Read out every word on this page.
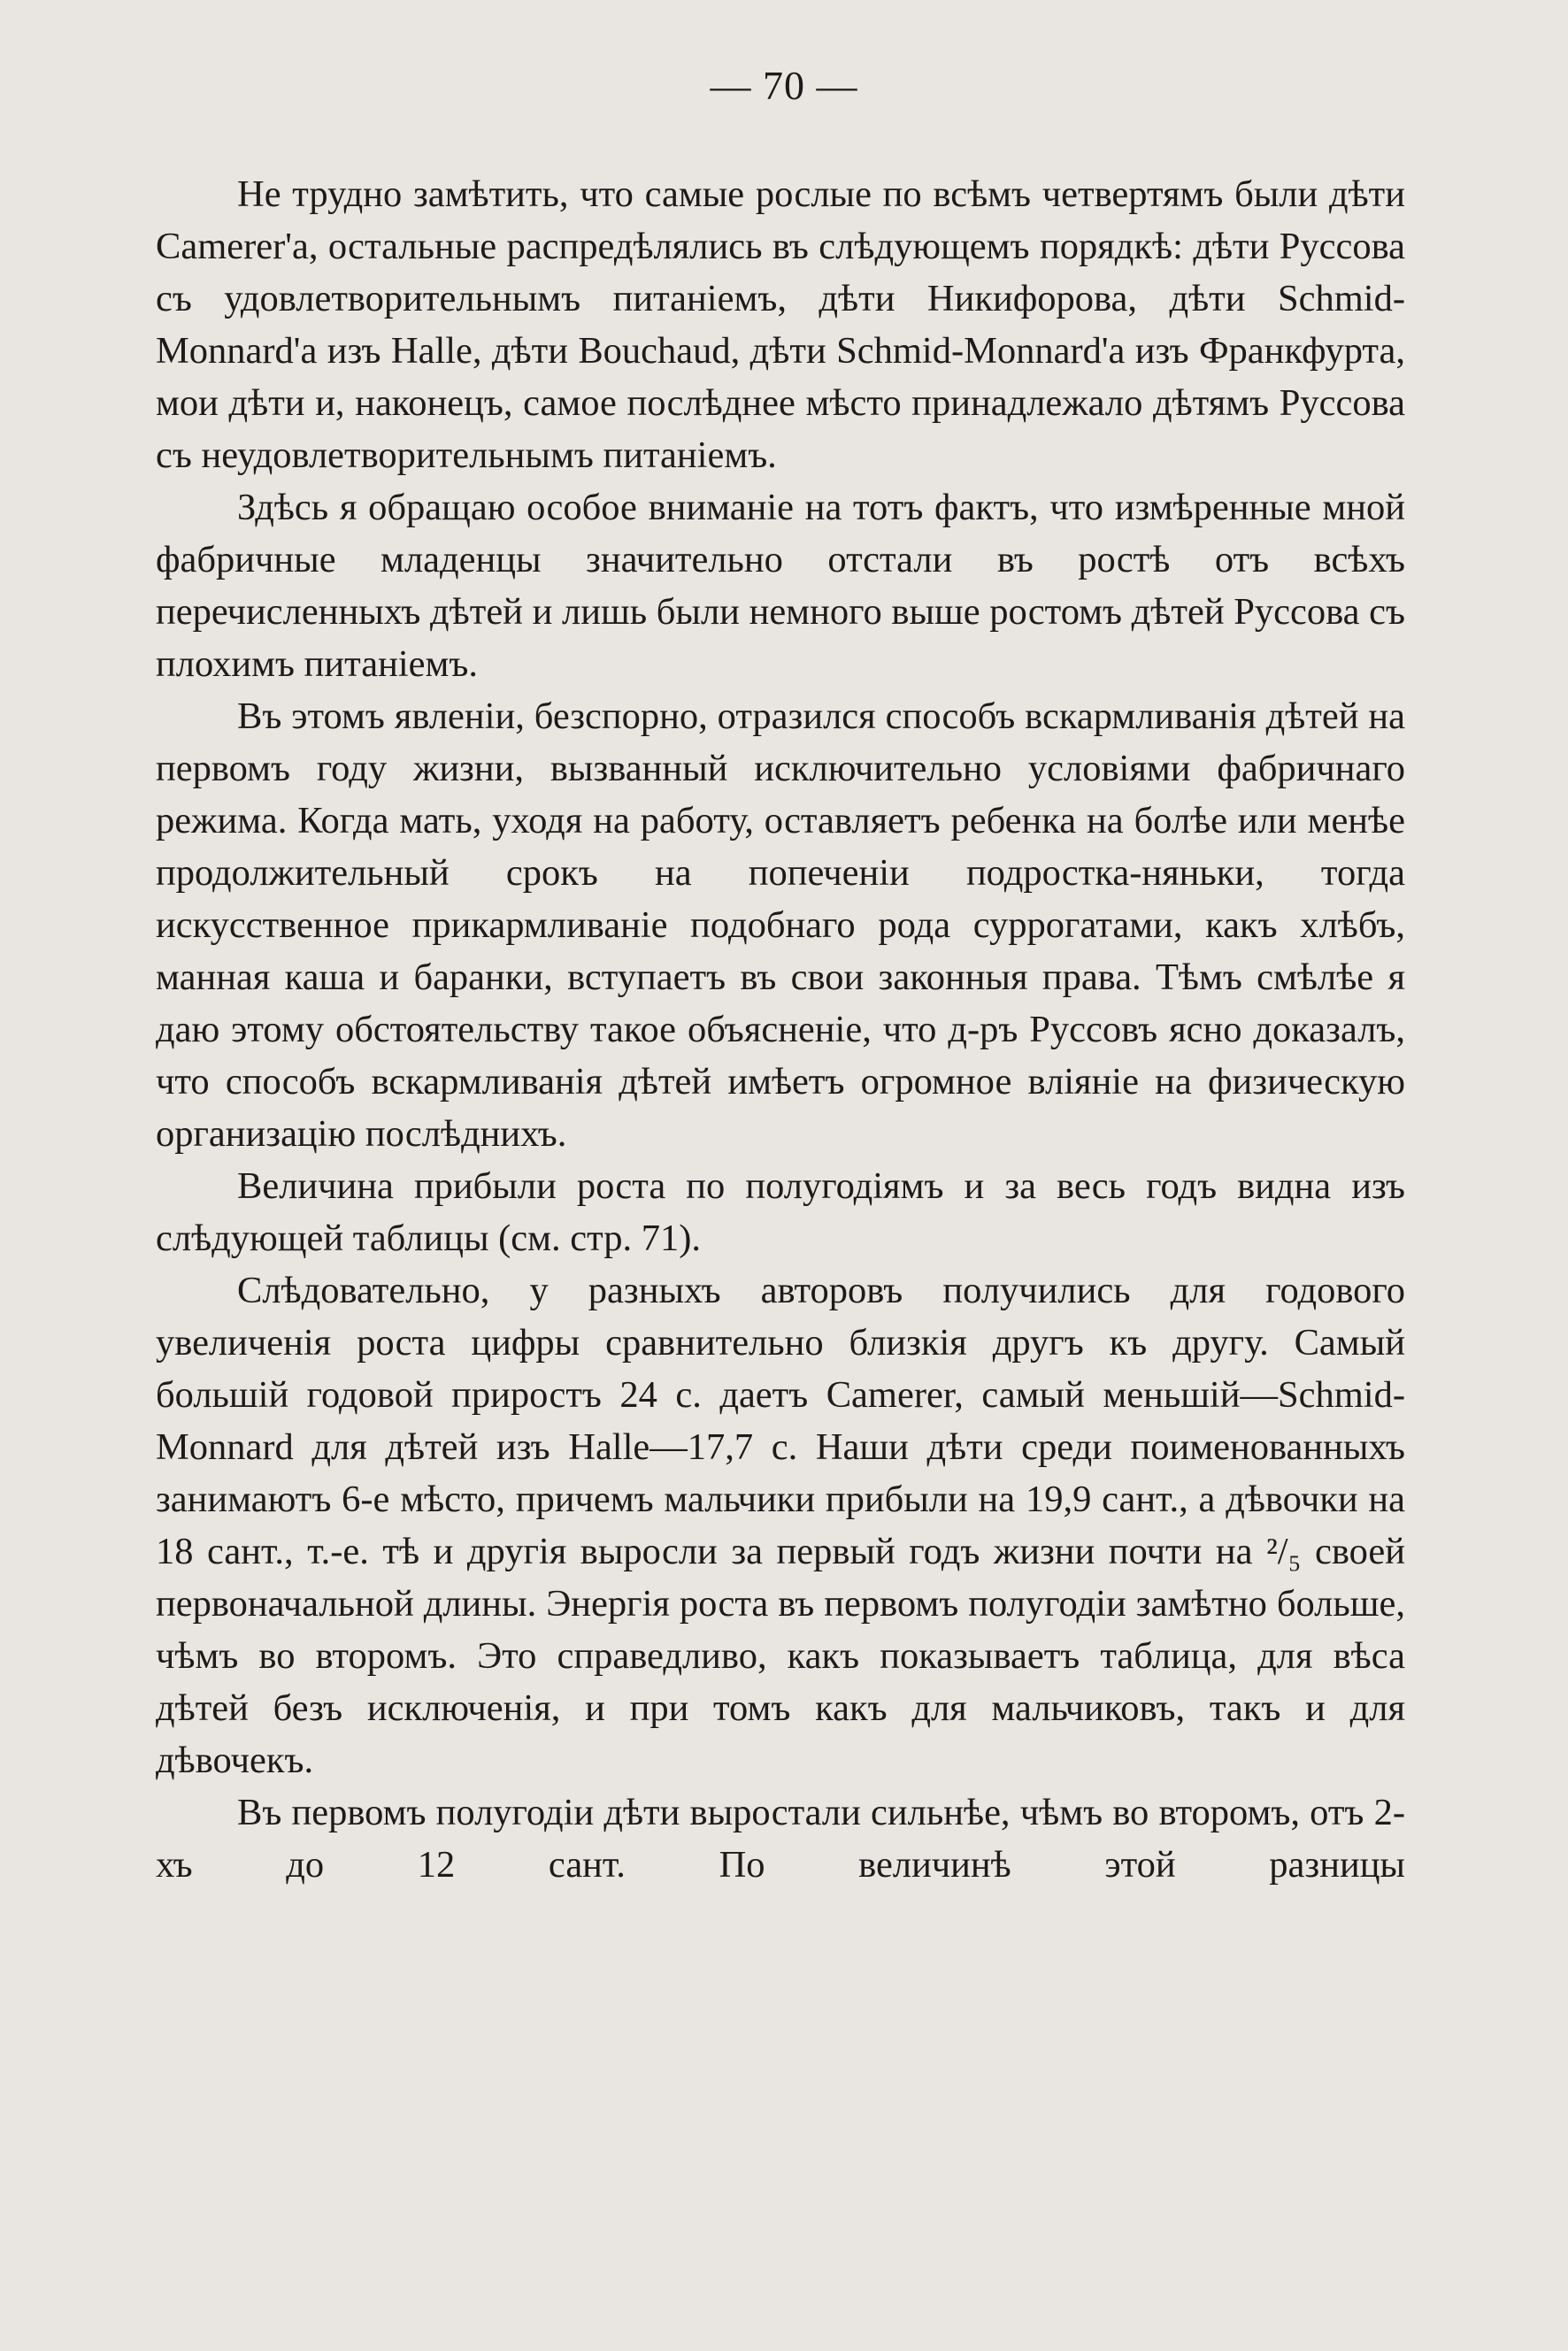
— 70 —

Не трудно замѣтить, что самые рослые по всѣмъ четвертямъ были дѣти Camerer'а, остальные распредѣлялись въ слѣдующемъ порядкѣ: дѣти Руссова съ удовлетворительнымъ питаніемъ, дѣти Никифорова, дѣти Schmid-Monnard'а изъ Halle, дѣти Bouchaud, дѣти Schmid-Monnard'а изъ Франкфурта, мои дѣти и, наконецъ, самое послѣднее мѣсто принадлежало дѣтямъ Руссова съ неудовлетворительнымъ питаніемъ.

Здѣсь я обращаю особое вниманіе на тотъ фактъ, что измѣренные мной фабричные младенцы значительно отстали въ ростѣ отъ всѣхъ перечисленныхъ дѣтей и лишь были немного выше ростомъ дѣтей Руссова съ плохимъ питаніемъ.

Въ этомъ явленіи, безспорно, отразился способъ вскармливанія дѣтей на первомъ году жизни, вызванный исключительно условіями фабричнаго режима. Когда мать, уходя на работу, оставляетъ ребенка на болѣе или менѣе продолжительный срокъ на попеченіи подростка-няньки, тогда искусственное прикармливаніе подобнаго рода суррогатами, какъ хлѣбъ, манная каша и баранки, вступаетъ въ свои законныя права. Тѣмъ смѣлѣе я даю этому обстоятельству такое объясненіе, что д-ръ Руссовъ ясно доказалъ, что способъ вскармливанія дѣтей имѣетъ огромное вліяніе на физическую организацію послѣднихъ.

Величина прибыли роста по полугодіямъ и за весь годъ видна изъ слѣдующей таблицы (см. стр. 71).

Слѣдовательно, у разныхъ авторовъ получились для годового увеличенія роста цифры сравнительно близкія другъ къ другу. Самый большій годовой приростъ 24 с. даетъ Camerer, самый меньшій—Schmid-Monnard для дѣтей изъ Halle—17,7 с. Наши дѣти среди поименованныхъ занимаютъ 6-е мѣсто, причемъ мальчики прибыли на 19,9 сант., а дѣвочки на 18 сант., т.-е. тѣ и другія выросли за первый годъ жизни почти на ²/₅ своей первоначальной длины. Энергія роста въ первомъ полугодіи замѣтно больше, чѣмъ во второмъ. Это справедливо, какъ показываетъ таблица, для вѣса дѣтей безъ исключенія, и при томъ какъ для мальчиковъ, такъ и для дѣвочекъ.

Въ первомъ полугодіи дѣти выростали сильнѣе, чѣмъ во второмъ, отъ 2-хъ до 12 сант. По величинѣ этой разницы
